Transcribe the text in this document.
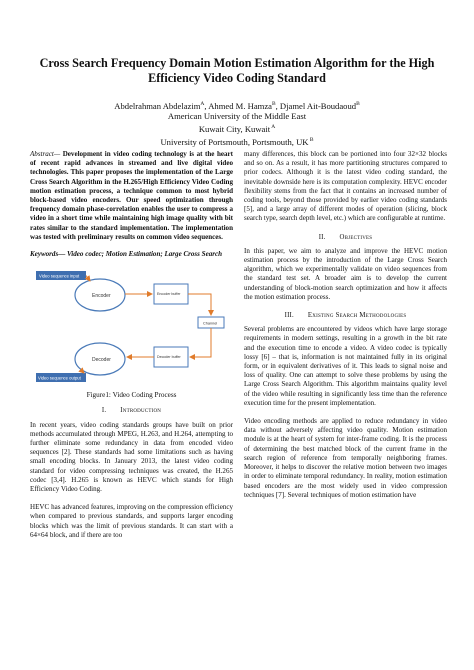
Cross Search Frequency Domain Motion Estimation Algorithm for the High Efficiency Video Coding Standard
Abdelrahman Abdelazim$^A$, Ahmed M. Hamza$^B$, Djamel Ait-Boudaoud$^B$
American University of the Middle East
Kuwait City, Kuwait $^A$
University of Portsmouth, Portsmouth, UK $^B$

Abstract— Development in video coding technology is at the heart of recent rapid advances in streamed and live digital video technologies. This paper proposes the implementation of the Large Cross Search Algorithm in the H.265/High Efficiency Video Coding motion estimation process, a technique common to most hybrid block-based video encoders. Our speed optimization through frequency domain phase-correlation enables the user to compress a video in a short time while maintaining high image quality with bit rates similar to the standard implementation. The implementation was tested with preliminary results on common video sequences.

Keywords— Video codec; Motion Estimation; Large Cross Search

Video sequence input
Encoder	Encoder buffer
Channel
Decoder buffer
Decoder
Video sequence output
Figure1: Video Coding Process
I. Introduction

In recent years, video coding standards groups have built on prior methods accumulated through MPEG, H.263, and H.264, attempting to further eliminate some redundancy in data from encoded video sequences [2]. These standards had some limitations such as having small encoding blocks. In January 2013, the latest video coding standard for video compressing techniques was created, the H.265 codec [3,4]. H.265 is known as HEVC which stands for High Efficiency Video Coding.

HEVC has advanced features, improving on the compression efficiency when compared to previous standards, and supports larger encoding blocks which was the limit of previous standards. It can start with a 64×64 block, and if there are too

many differences, this block can be portioned into four 32×32 blocks and so on. As a result, it has more partitioning structures compared to prior codecs. Although it is the latest video coding standard, the inevitable downside here is its computation complexity. HEVC encoder flexibility stems from the fact that it contains an increased number of coding tools, beyond those provided by earlier video coding standards [5], and a large array of different modes of operation (slicing, block search type, search depth level, etc.) which are configurable at runtime.

II. Objectives

In this paper, we aim to analyze and improve the HEVC motion estimation process by the introduction of the Large Cross Search algorithm, which we experimentally validate on video sequences from the standard test set. A broader aim is to develop the current understanding of block-motion search optimization and how it affects the motion estimation process.

III. Existing Search Methodologies

Several problems are encountered by videos which have large storage requirements in modern settings, resulting in a growth in the bit rate and the execution time to encode a video. A video codec is typically lossy [6] – that is, information is not maintained fully in its original form, or in equivalent derivatives of it. This leads to signal noise and loss of quality. One can attempt to solve these problems by using the Large Cross Search Algorithm. This algorithm maintains quality level of the video while resulting in significantly less time than the reference execution time for the present implementation.

Video encoding methods are applied to reduce redundancy in video data without adversely affecting video quality. Motion estimation module is at the heart of system for inter-frame coding. It is the process of determining the best matched block of the current frame in the search region of reference from temporally neighboring frames. Moreover, it helps to discover the relative motion between two images in order to eliminate temporal redundancy. In reality, motion estimation based encoders are the most widely used in video compression techniques [7]. Several techniques of motion estimation have
